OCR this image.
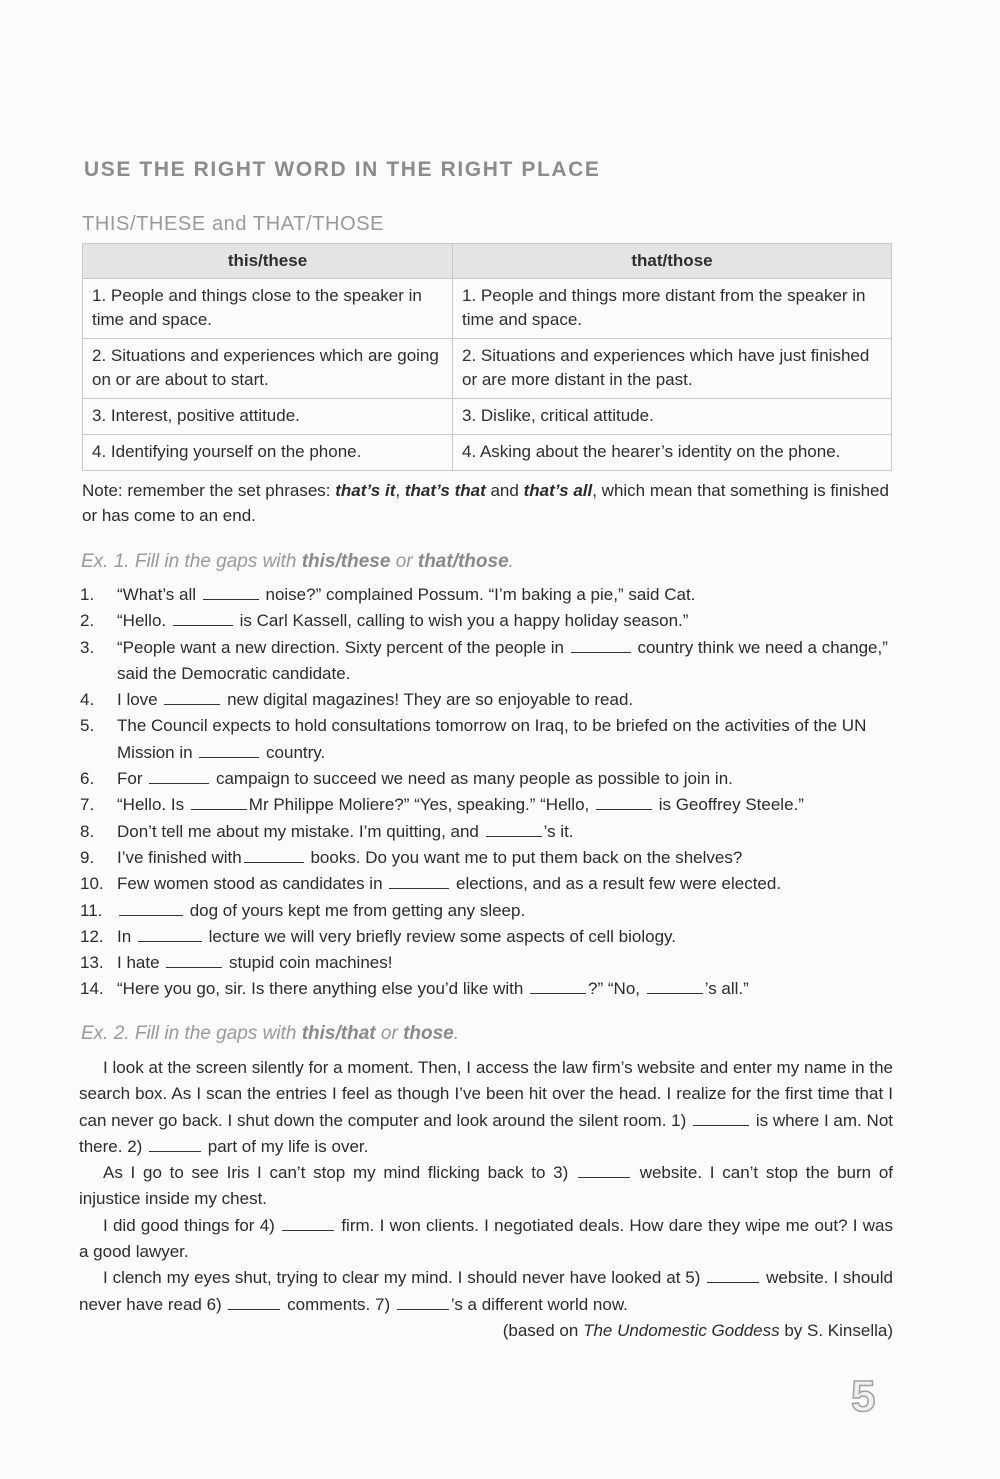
USE THE RIGHT WORD IN THE RIGHT PLACE
THIS/THESE and THAT/THOSE
this/these	that/those
1. People and things close to the speaker in time and space.	1. People and things more distant from the speaker in time and space.
2. Situations and experiences which are going on or are about to start.	2. Situations and experiences which have just finished or are more distant in the past.
3. Interest, positive attitude.	3. Dislike, critical attitude.
4. Identifying yourself on the phone.	4. Asking about the hearer’s identity on the phone.
Note: remember the set phrases: that’s it, that’s that and that’s all, which mean that something is finished or has come to an end.
Ex. 1. Fill in the gaps with this/these or that/those.
1.	“What’s all	noise?” complained Possum. “I’m baking a pie,” said Cat.
2.	“Hello.	is Carl Kassell, calling to wish you a happy holiday season.”
3.	“People want a new direction. Sixty percent of the people in	country think we need a change,” said the Democratic candidate.
4.	I love	new digital magazines! They are so enjoyable to read.
5.	The Council expects to hold consultations tomorrow on Iraq, to be briefed on the activities of the UN Mission in	country.
6.	For	campaign to succeed we need as many people as possible to join in.
7.	“Hello. Is	Mr Philippe Moliere?” “Yes, speaking.” “Hello,	is Geoffrey Steele.”
8.	Don’t tell me about my mistake. I’m quitting, and	’s it.
9.	I’ve finished with	books. Do you want me to put them back on the shelves?
10. Few women stood as candidates in	elections, and as a result few were elected.
11.	dog of yours kept me from getting any sleep.
12. In	lecture we will very briefly review some aspects of cell biology.
13. I hate	stupid coin machines!
14. “Here you go, sir. Is there anything else you’d like with	?” “No,	’s all.”
Ex. 2. Fill in the gaps with this/that or those.

I look at the screen silently for a moment. Then, I access the law firm’s website and enter my name in the search box. As I scan the entries I feel as though I’ve been hit over the head. I realize for the first time that I can never go back. I shut down the computer and look around the silent room. 1)	is where I am. Not there. 2)	part of my life is over.

As I go to see Iris I can’t stop my mind flicking back to 3)	website. I can’t stop the burn of injustice inside my chest.

I did good things for 4)	firm. I won clients. I negotiated deals. How dare they wipe me out? I was a good lawyer.

I clench my eyes shut, trying to clear my mind. I should never have looked at 5)	website. I should never have read 6)	comments. 7)	’s a different world now.

(based on The Undomestic Goddess by S. Kinsella)

5
